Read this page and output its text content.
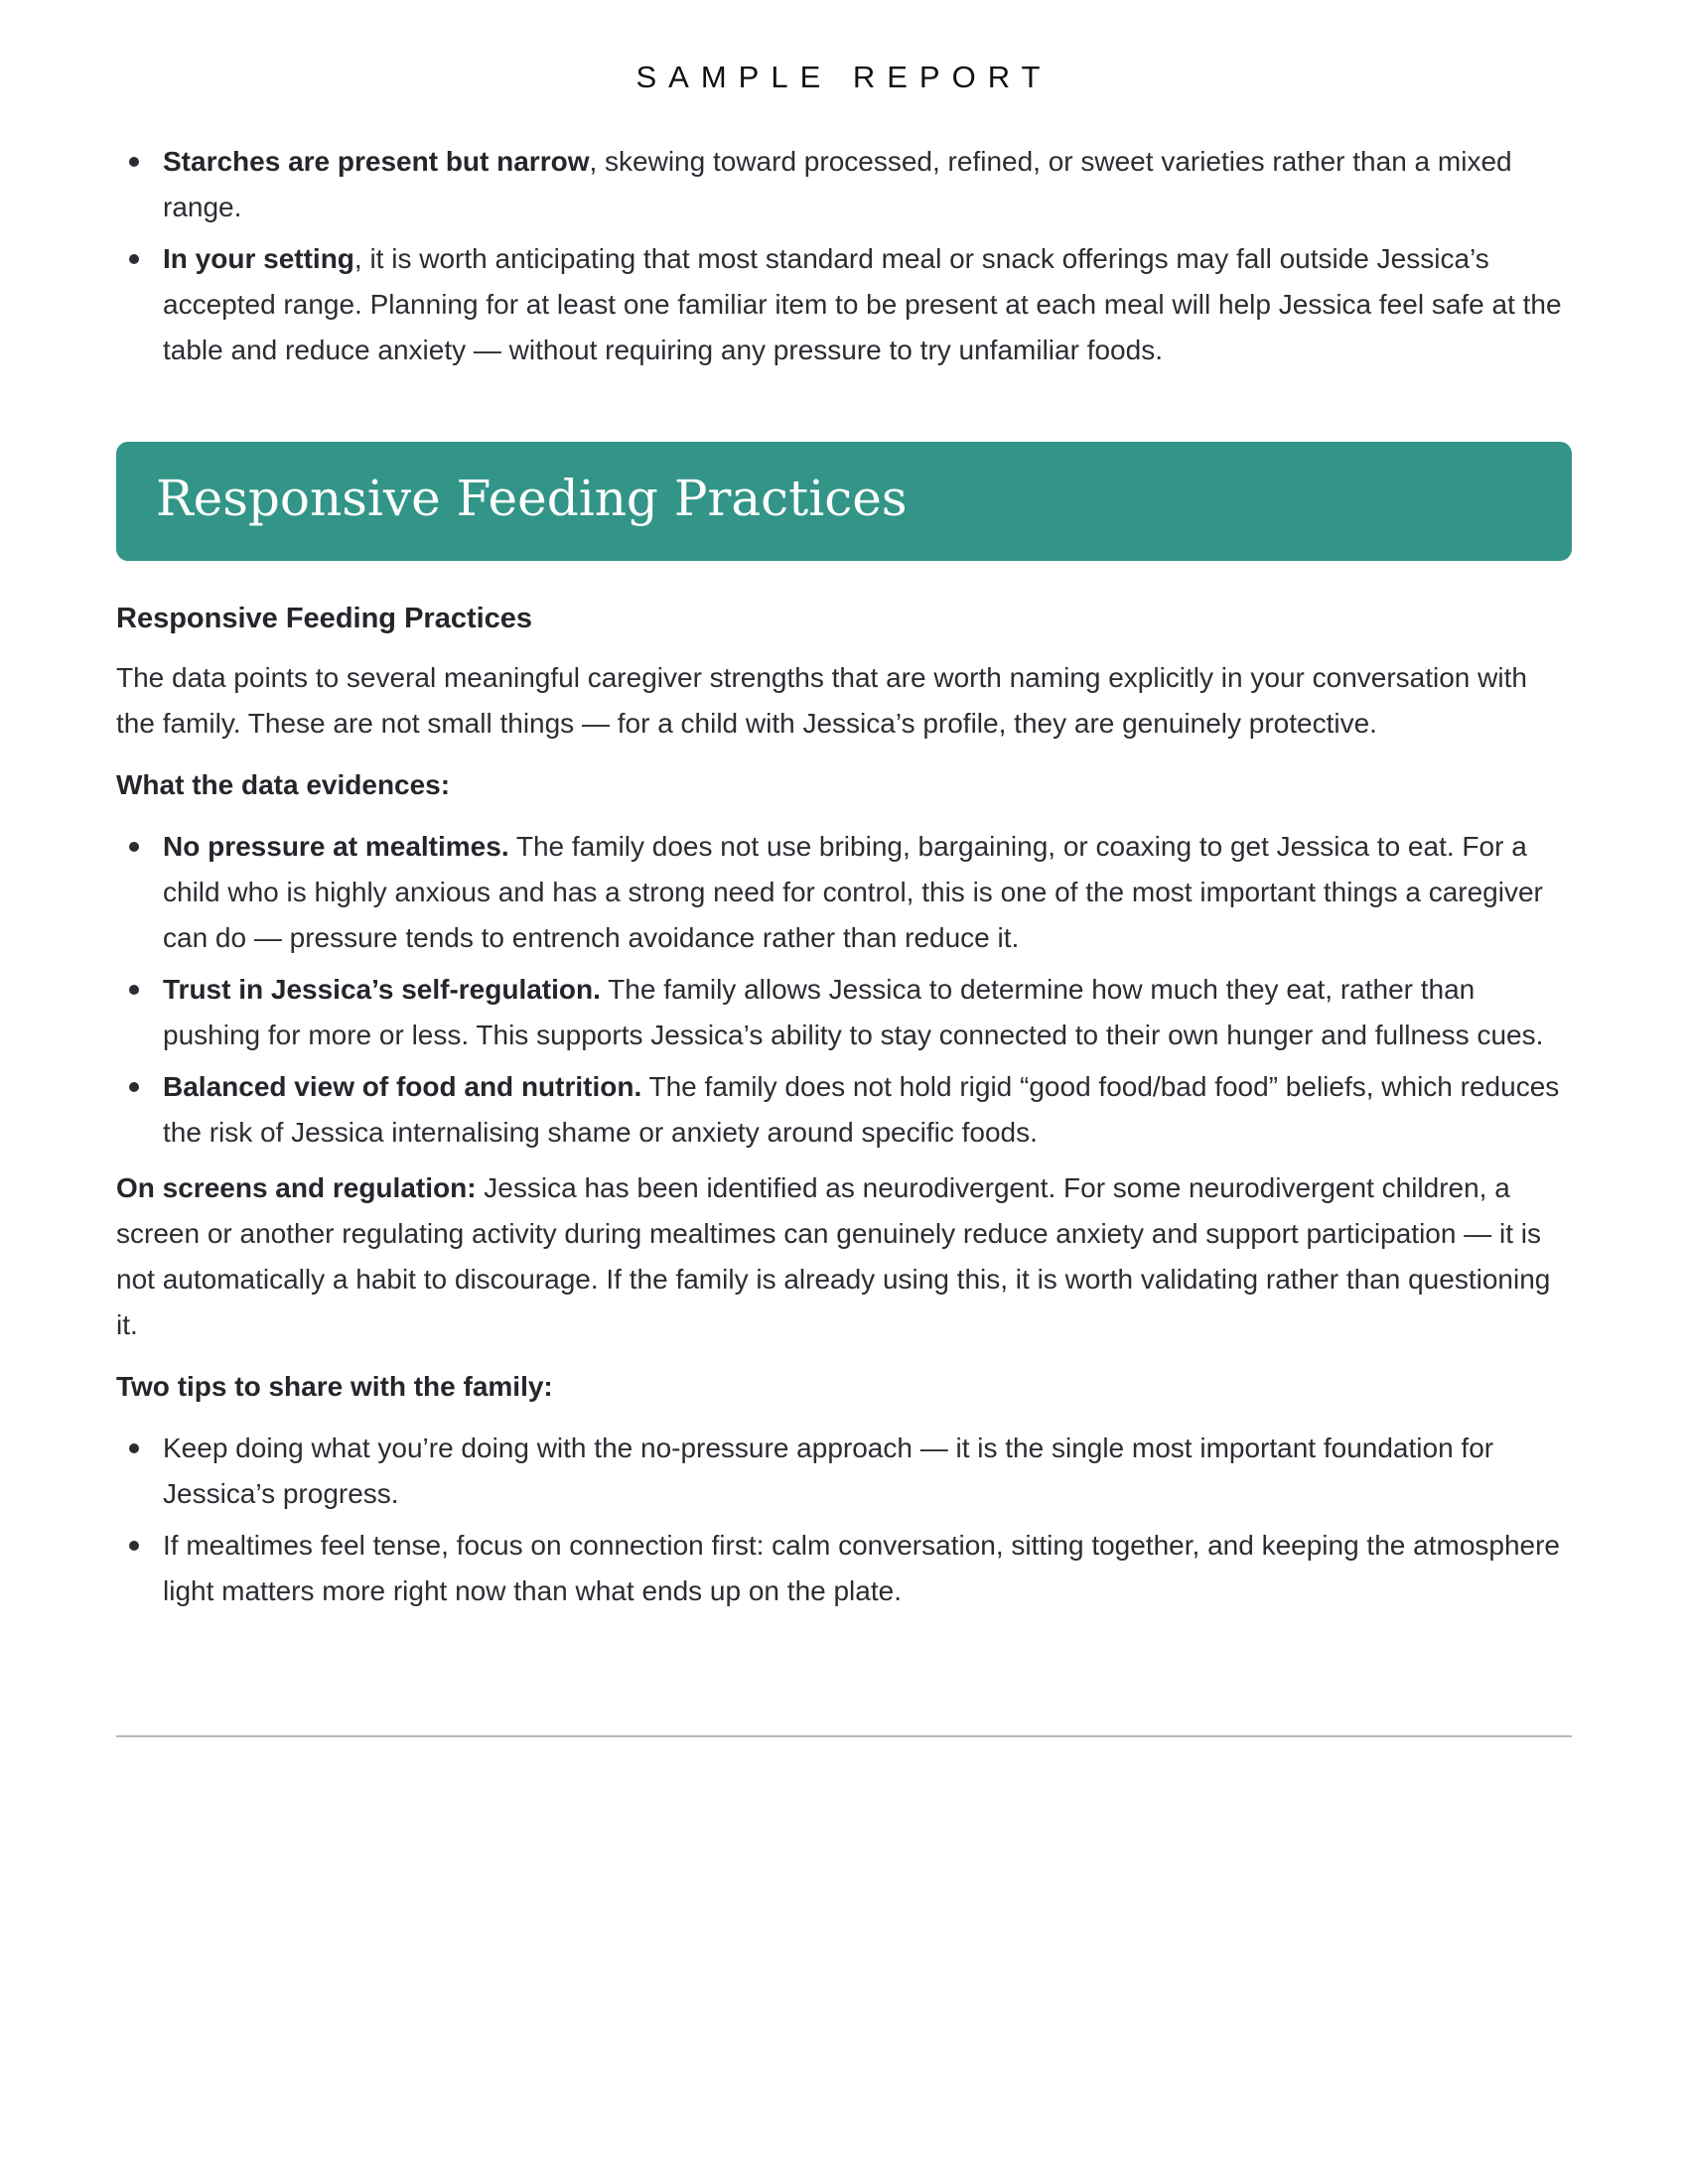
SAMPLE REPORT
Starches are present but narrow, skewing toward processed, refined, or sweet varieties rather than a mixed range.
In your setting, it is worth anticipating that most standard meal or snack offerings may fall outside Jessica’s accepted range. Planning for at least one familiar item to be present at each meal will help Jessica feel safe at the table and reduce anxiety — without requiring any pressure to try unfamiliar foods.
Responsive Feeding Practices
Responsive Feeding Practices

The data points to several meaningful caregiver strengths that are worth naming explicitly in your conversation with the family. These are not small things — for a child with Jessica’s profile, they are genuinely protective.

What the data evidences:

No pressure at mealtimes. The family does not use bribing, bargaining, or coaxing to get Jessica to eat. For a child who is highly anxious and has a strong need for control, this is one of the most important things a caregiver can do — pressure tends to entrench avoidance rather than reduce it.
Trust in Jessica’s self-regulation. The family allows Jessica to determine how much they eat, rather than pushing for more or less. This supports Jessica’s ability to stay connected to their own hunger and fullness cues.
Balanced view of food and nutrition. The family does not hold rigid “good food/bad food” beliefs, which reduces the risk of Jessica internalising shame or anxiety around specific foods.

On screens and regulation: Jessica has been identified as neurodivergent. For some neurodivergent children, a screen or another regulating activity during mealtimes can genuinely reduce anxiety and support participation — it is not automatically a habit to discourage. If the family is already using this, it is worth validating rather than questioning it.

Two tips to share with the family:

Keep doing what you’re doing with the no-pressure approach — it is the single most important foundation for Jessica’s progress.
If mealtimes feel tense, focus on connection first: calm conversation, sitting together, and keeping the atmosphere light matters more right now than what ends up on the plate.
